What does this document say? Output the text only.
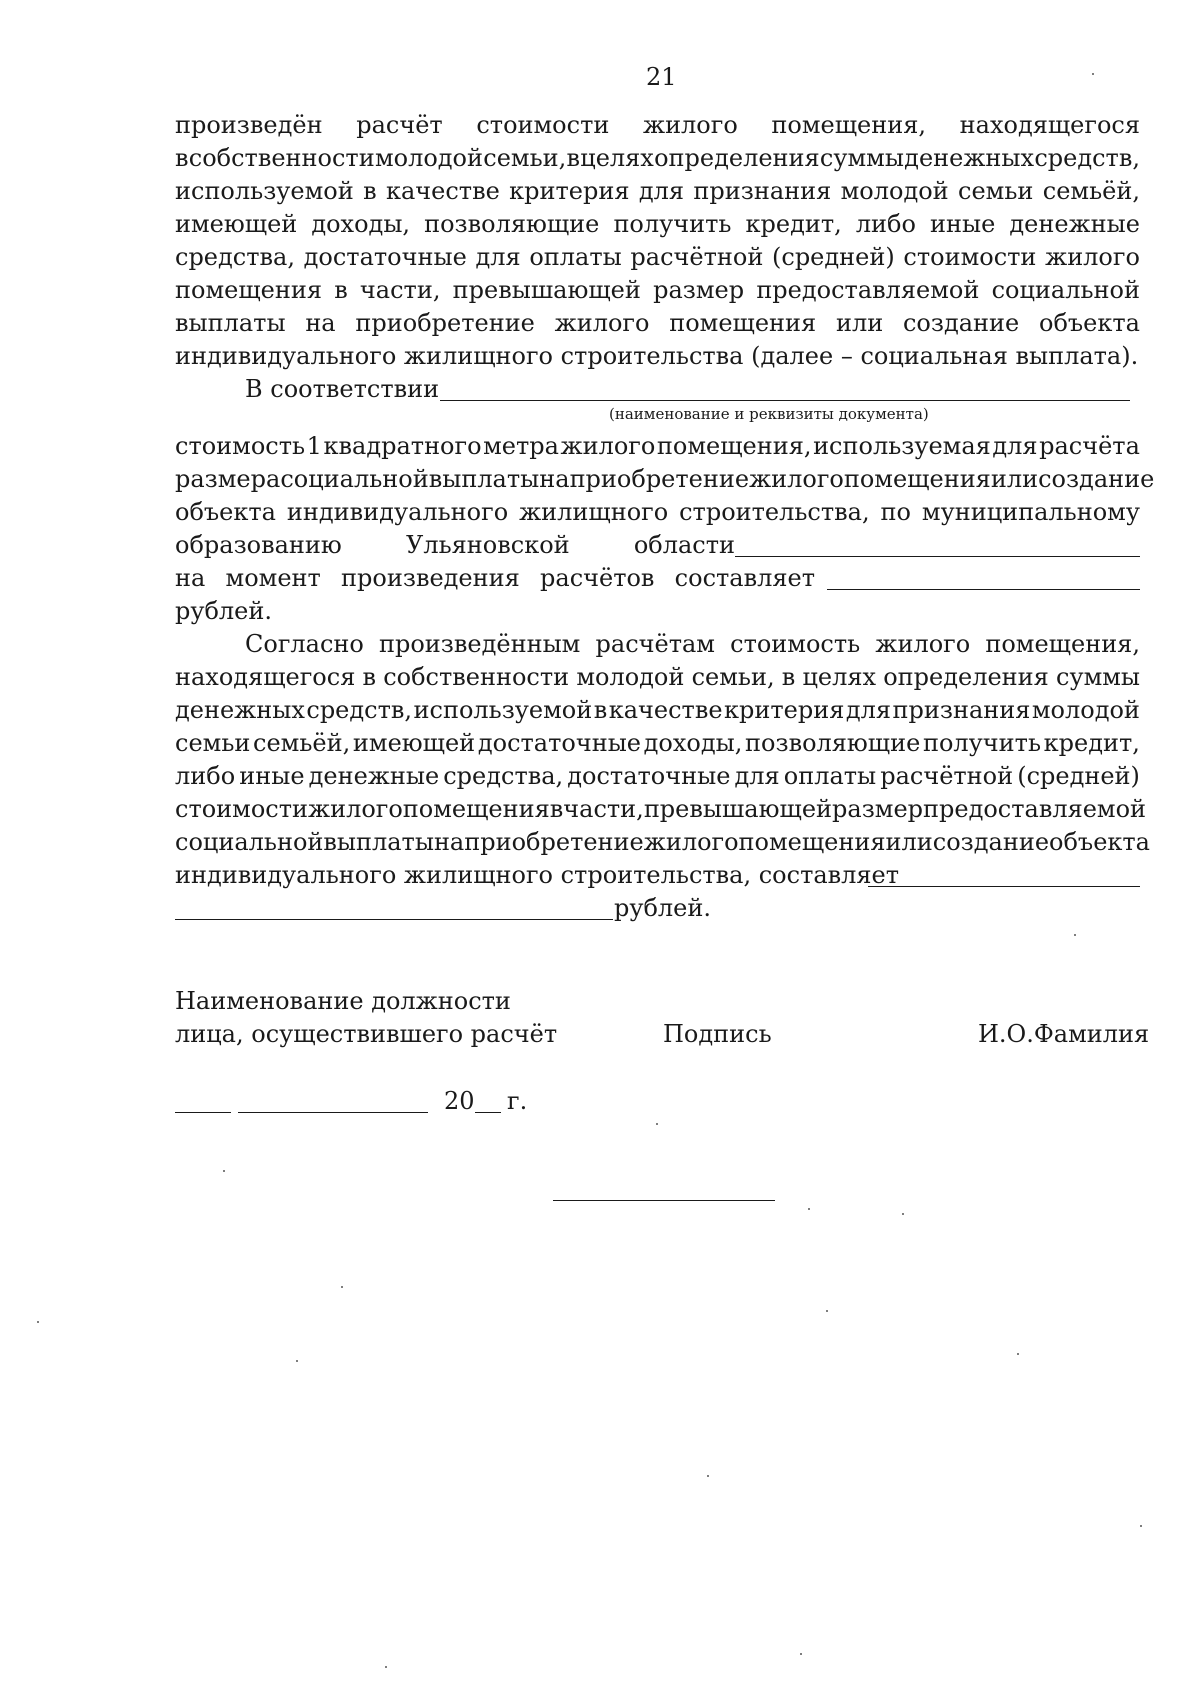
21
произведён расчёт стоимости жилого помещения, находящегося
в собственности молодой семьи, в целях определения суммы денежных средств,
используемой в качестве критерия для признания молодой семьи семьёй,
имеющей доходы, позволяющие получить кредит, либо иные денежные
средства, достаточные для оплаты расчётной (средней) стоимости жилого
помещения в части, превышающей размер предоставляемой социальной
выплаты на приобретение жилого помещения или создание объекта
индивидуального жилищного строительства (далее – социальная выплата).
В соответствии
(наименование и реквизиты документа)
стоимость 1 квадратного метра жилого помещения, используемая для расчёта
размера социальной выплаты на приобретение жилого помещения или создание
объекта индивидуального жилищного строительства, по муниципальному
образованию	Ульяновской	области
на момент произведения расчётов составляет
рублей.
Согласно произведённым расчётам стоимость жилого помещения,
находящегося в собственности молодой семьи, в целях определения суммы
денежных средств, используемой в качестве критерия для признания молодой
семьи семьёй, имеющей достаточные доходы, позволяющие получить кредит,
либо иные денежные средства, достаточные для оплаты расчётной (средней)
стоимости жилого помещения в части, превышающей размер предоставляемой
социальной выплаты на приобретение жилого помещения или создание объекта
индивидуального жилищного строительства, составляет
рублей.
Наименование должности
лица, осуществившего расчёт	Подпись	И.О.Фамилия
20 г.
